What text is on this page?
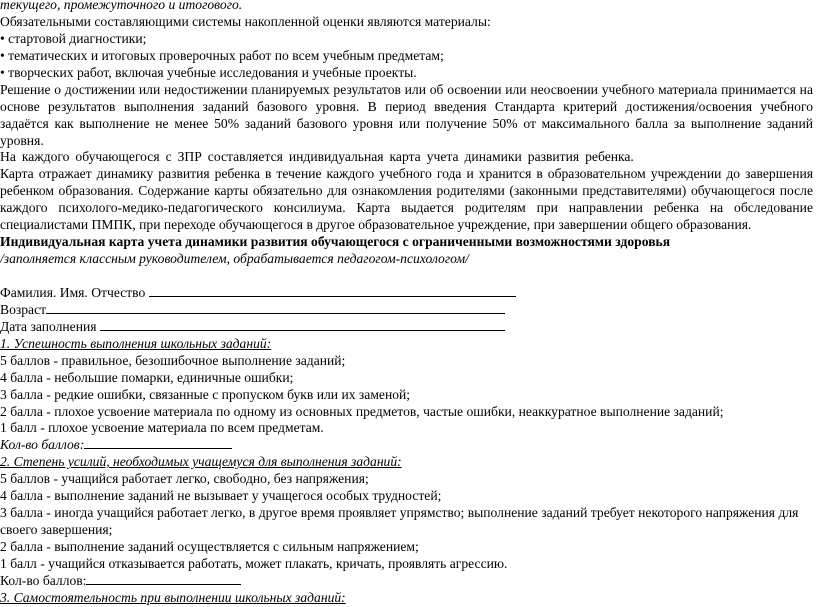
текущего, промежуточного и итогового.
Обязательными составляющими системы накопленной оценки являются материалы:
• стартовой диагностики;
• тематических и итоговых проверочных работ по всем учебным предметам;
• творческих работ, включая учебные исследования и учебные проекты.
Решение о достижении или недостижении планируемых результатов или об освоении или неосвоении учебного материала принимается на
основе результатов выполнения заданий базового уровня. В период введения Стандарта критерий достижения/освоения учебного
задаётся как выполнение не менее 50% заданий базового уровня или получение 50% от максимального балла за выполнение заданий
уровня.
На каждого обучающегося с ЗПР составляется индивидуальная карта учета динамики развития ребенка.
Карта отражает динамику развития ребенка в течение каждого учебного года и хранится в образовательном учреждении до завершения
ребенком образования. Содержание карты обязательно для ознакомления родителями (законными представителями) обучающегося после
каждого психолого-медико-педагогического консилиума. Карта выдается родителям при направлении ребенка на обследование
специалистами ПМПК, при переходе обучающегося в другое образовательное учреждение, при завершении общего образования.
Индивидуальная карта учета динамики развития обучающегося с ограниченными возможностями здоровья
/заполняется классным руководителем, обрабатывается педагогом-психологом/
Фамилия. Имя. Отчество
Возраст
Дата заполнения
1. Успешность выполнения школьных заданий:
5 баллов - правильное, безошибочное выполнение заданий;
4 балла - небольшие помарки, единичные ошибки;
3 балла - редкие ошибки, связанные с пропуском букв или их заменой;
2 балла - плохое усвоение материала по одному из основных предметов, частые ошибки, неаккуратное выполнение заданий;
1 балл - плохое усвоение материала по всем предметам.
Кол-во баллов:
2. Степень усилий, необходимых учащемуся для выполнения заданий:
5 баллов - учащийся работает легко, свободно, без напряжения;
4 балла - выполнение заданий не вызывает у учащегося особых трудностей;
3 балла - иногда учащийся работает легко, в другое время проявляет упрямство; выполнение заданий требует некоторого напряжения для
своего завершения;
2 балла - выполнение заданий осуществляется с сильным напряжением;
1 балл - учащийся отказывается работать, может плакать, кричать, проявлять агрессию.
Кол-во баллов:
3. Самостоятельность при выполнении школьных заданий:
